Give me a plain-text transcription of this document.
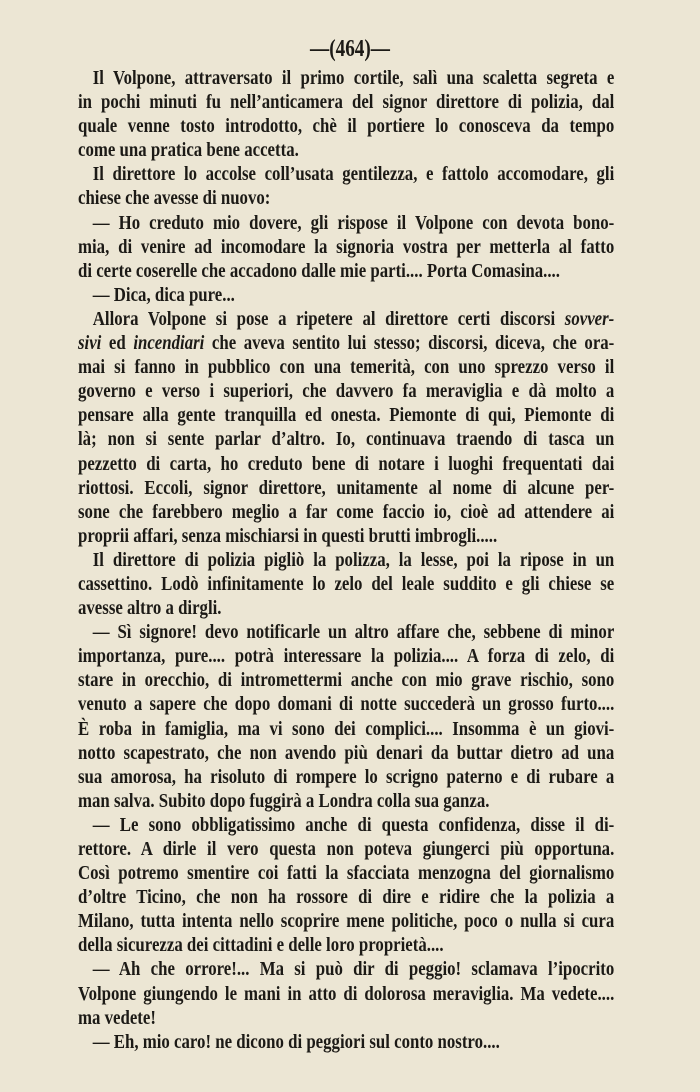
—(464)—
Il Volpone, attraversato il primo cortile, salì una scaletta segreta e
in pochi minuti fu nell’anticamera del signor direttore di polizia, dal
quale venne tosto introdotto, chè il portiere lo conosceva da tempo
come una pratica bene accetta.
Il direttore lo accolse coll’usata gentilezza, e fattolo accomodare, gli
chiese che avesse di nuovo:
— Ho creduto mio dovere, gli rispose il Volpone con devota bono-
mia, di venire ad incomodare la signoria vostra per metterla al fatto
di certe coserelle che accadono dalle mie parti.... Porta Comasina....
— Dica, dica pure...
Allora Volpone si pose a ripetere al direttore certi discorsi sovver-
sivi ed incendiari che aveva sentito lui stesso; discorsi, diceva, che ora-
mai si fanno in pubblico con una temerità, con uno sprezzo verso il
governo e verso i superiori, che davvero fa meraviglia e dà molto a
pensare alla gente tranquilla ed onesta. Piemonte di qui, Piemonte di
là; non si sente parlar d’altro. Io, continuava traendo di tasca un
pezzetto di carta, ho creduto bene di notare i luoghi frequentati dai
riottosi. Eccoli, signor direttore, unitamente al nome di alcune per-
sone che farebbero meglio a far come faccio io, cioè ad attendere ai
proprii affari, senza mischiarsi in questi brutti imbrogli.....
Il direttore di polizia pigliò la polizza, la lesse, poi la ripose in un
cassettino. Lodò infinitamente lo zelo del leale suddito e gli chiese se
avesse altro a dirgli.
— Sì signore! devo notificarle un altro affare che, sebbene di minor
importanza, pure.... potrà interessare la polizia.... A forza di zelo, di
stare in orecchio, di intromettermi anche con mio grave rischio, sono
venuto a sapere che dopo domani di notte succederà un grosso furto....
È roba in famiglia, ma vi sono dei complici.... Insomma è un giovi-
notto scapestrato, che non avendo più denari da buttar dietro ad una
sua amorosa, ha risoluto di rompere lo scrigno paterno e di rubare a
man salva. Subito dopo fuggirà a Londra colla sua ganza.
— Le sono obbligatissimo anche di questa confidenza, disse il di-
rettore. A dirle il vero questa non poteva giungerci più opportuna.
Così potremo smentire coi fatti la sfacciata menzogna del giornalismo
d’oltre Ticino, che non ha rossore di dire e ridire che la polizia a
Milano, tutta intenta nello scoprire mene politiche, poco o nulla si cura
della sicurezza dei cittadini e delle loro proprietà....
— Ah che orrore!... Ma si può dir di peggio! sclamava l’ipocrito
Volpone giungendo le mani in atto di dolorosa meraviglia. Ma vedete....
ma vedete!
— Eh, mio caro! ne dicono di peggiori sul conto nostro....
